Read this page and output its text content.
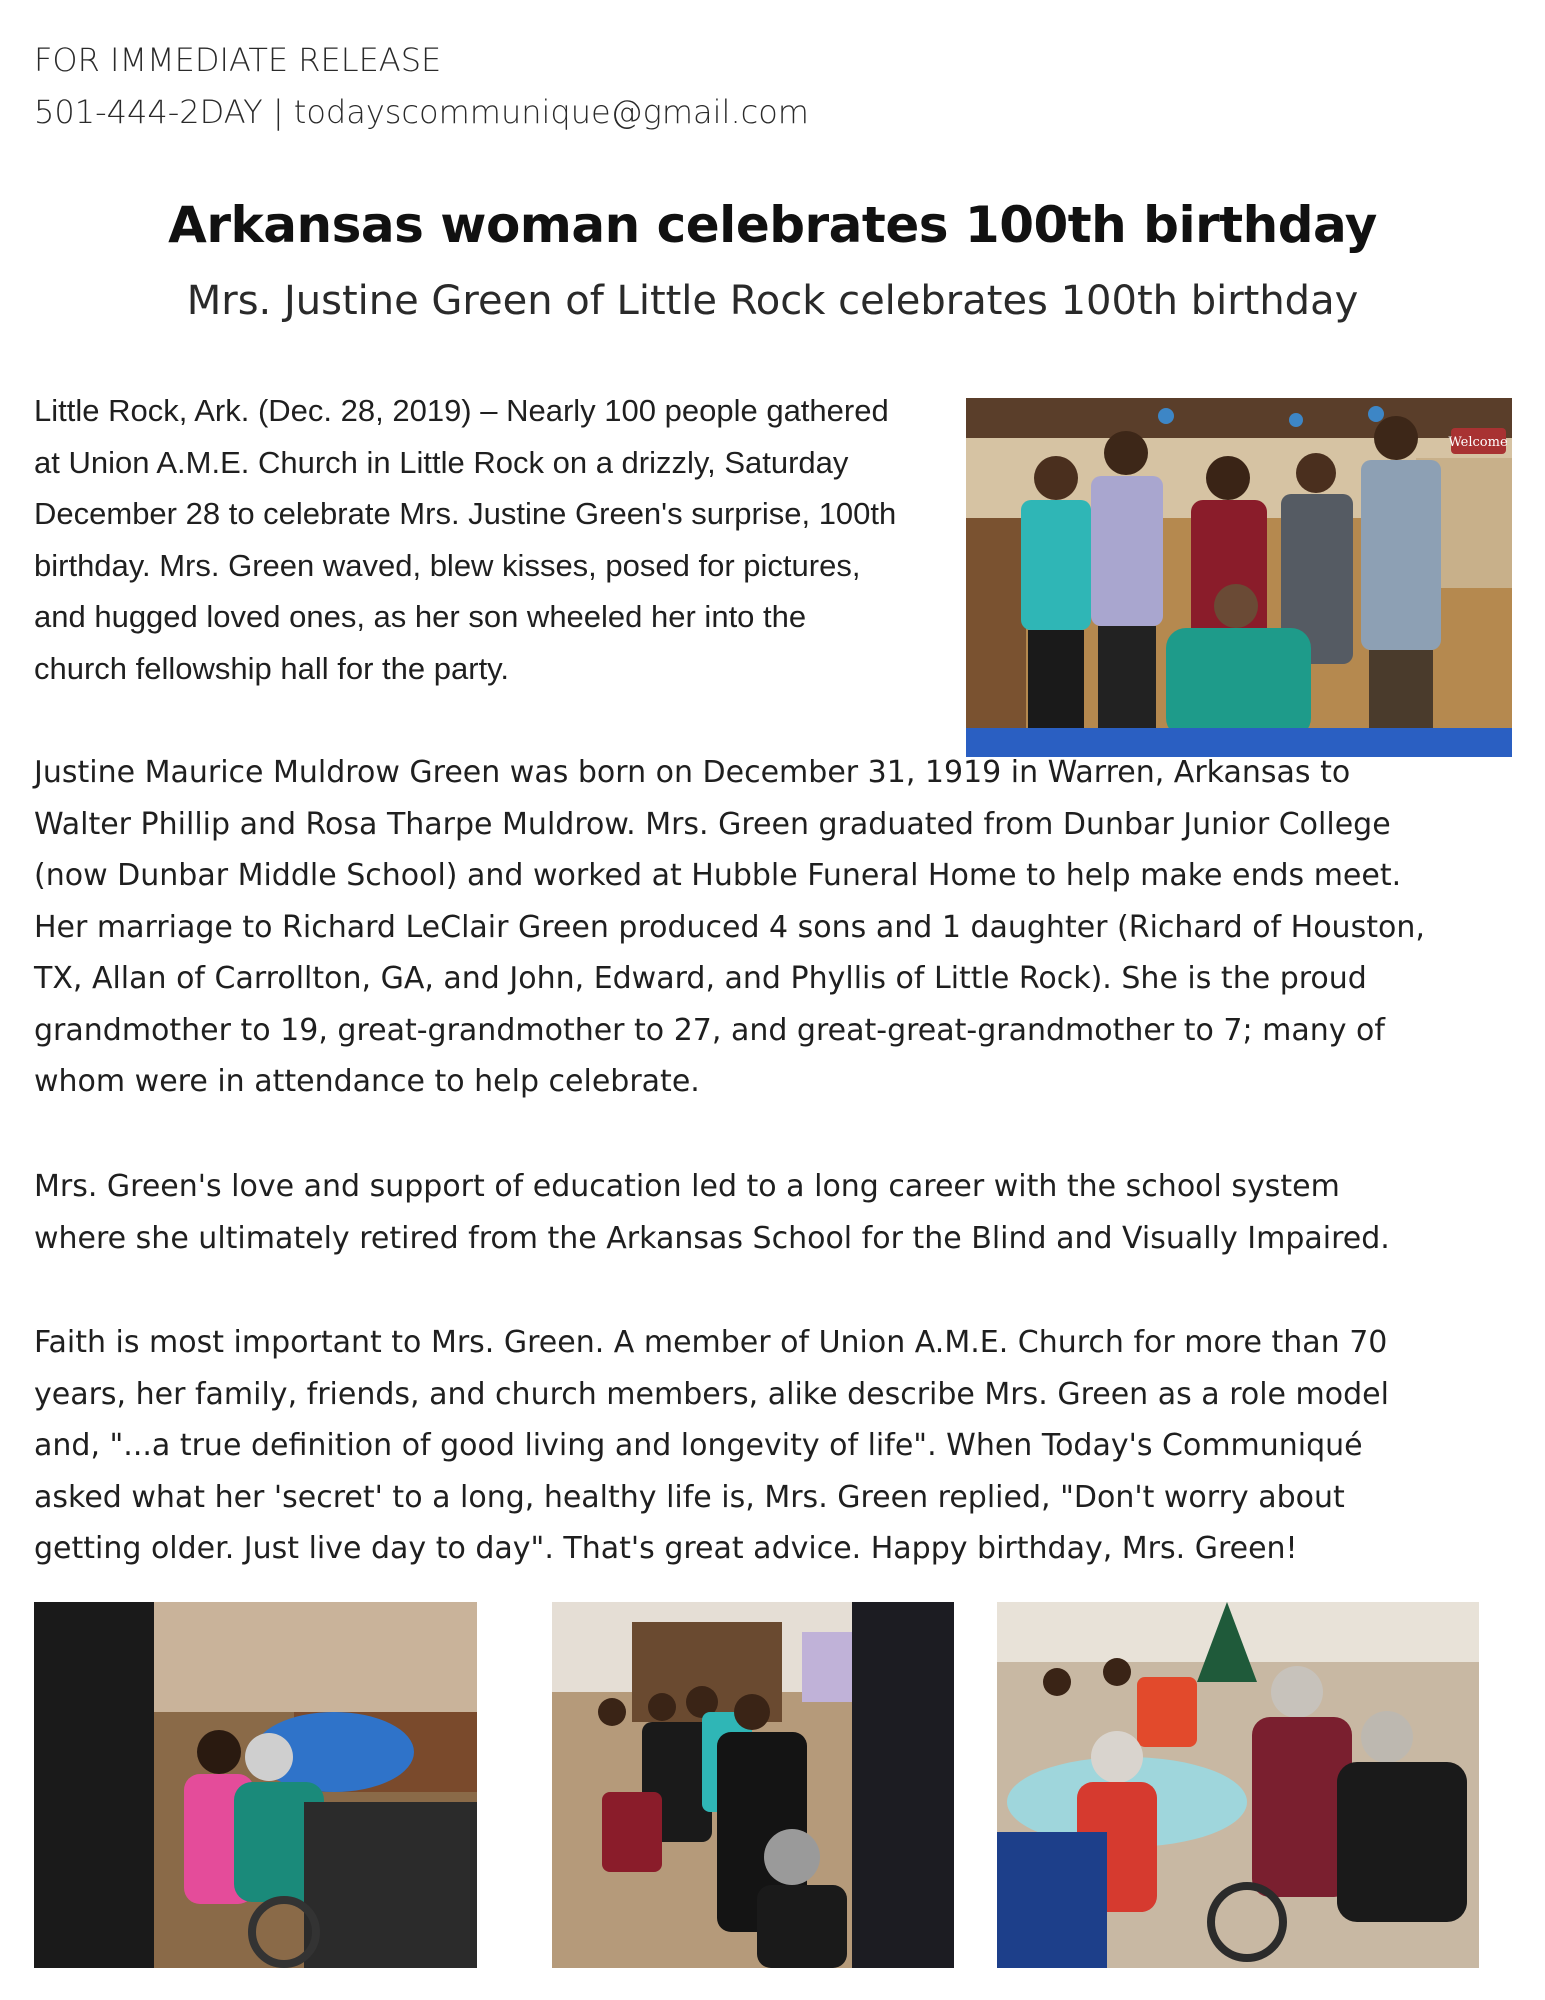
FOR IMMEDIATE RELEASE
501-444-2DAY | todayscommunique@gmail.com
Arkansas woman celebrates 100th birthday
Mrs. Justine Green of Little Rock celebrates 100th birthday
Little Rock, Ark. (Dec. 28, 2019) – Nearly 100 people gathered
at Union A.M.E. Church in Little Rock on a drizzly, Saturday
December 28 to celebrate Mrs. Justine Green's surprise, 100th
birthday. Mrs. Green waved, blew kisses, posed for pictures,
and hugged loved ones, as her son wheeled her into the
church fellowship hall for the party.
Welcome
Justine Maurice Muldrow Green was born on December 31, 1919 in Warren, Arkansas to
Walter Phillip and Rosa Tharpe Muldrow. Mrs. Green graduated from Dunbar Junior College
(now Dunbar Middle School) and worked at Hubble Funeral Home to help make ends meet.
Her marriage to Richard LeClair Green produced 4 sons and 1 daughter (Richard of Houston,
TX, Allan of Carrollton, GA, and John, Edward, and Phyllis of Little Rock). She is the proud
grandmother to 19, great-grandmother to 27, and great-great-grandmother to 7; many of
whom were in attendance to help celebrate.
Mrs. Green's love and support of education led to a long career with the school system
where she ultimately retired from the Arkansas School for the Blind and Visually Impaired.
Faith is most important to Mrs. Green. A member of Union A.M.E. Church for more than 70
years, her family, friends, and church members, alike describe Mrs. Green as a role model
and, "...a true definition of good living and longevity of life". When Today's Communiqué
asked what her 'secret' to a long, healthy life is, Mrs. Green replied, "Don't worry about
getting older. Just live day to day". That's great advice. Happy birthday, Mrs. Green!
